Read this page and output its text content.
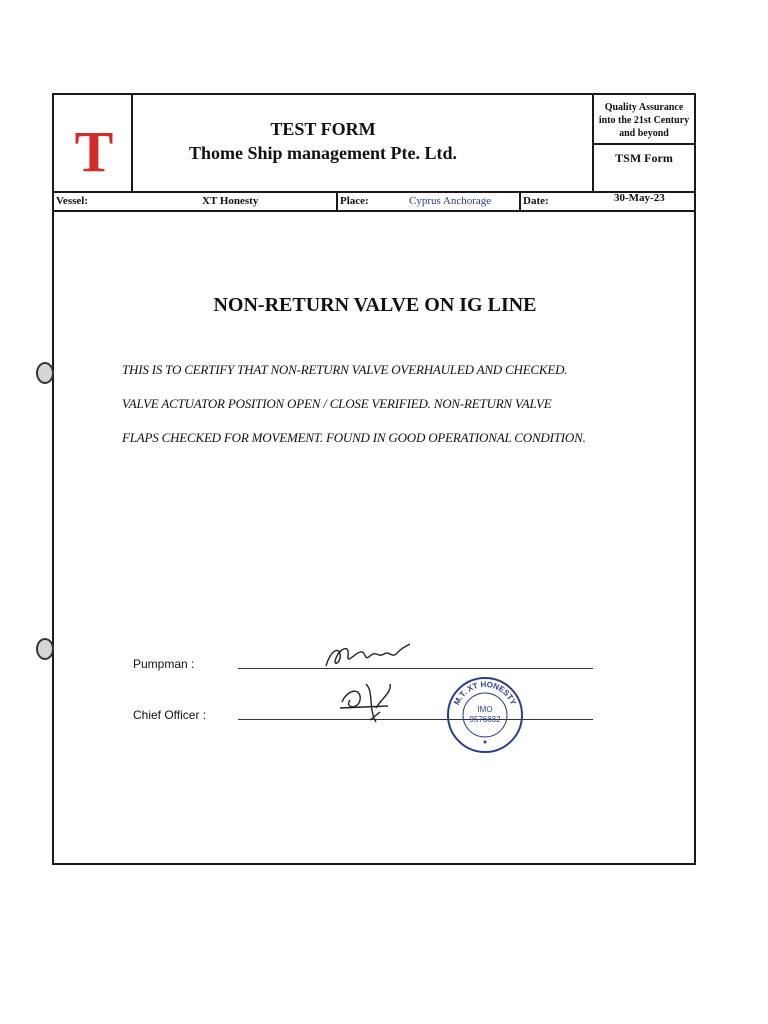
T	TEST FORM
Thome Ship management Pte. Ltd.
Quality Assurance
into the 21st Century
and beyond
TSM Form
Vessel:	XT Honesty	Place:	Cyprus Anchorage	Date:	30-May-23
NON-RETURN VALVE ON IG LINE
THIS IS TO CERTIFY THAT NON-RETURN VALVE OVERHAULED AND CHECKED.
VALVE ACTUATOR POSITION OPEN / CLOSE VERIFIED. NON-RETURN VALVE
FLAPS CHECKED FOR MOVEMENT. FOUND IN GOOD OPERATIONAL CONDITION.
Pumpman :
Chief Officer :
M.T. XT HONESTY
IMO
9576832
